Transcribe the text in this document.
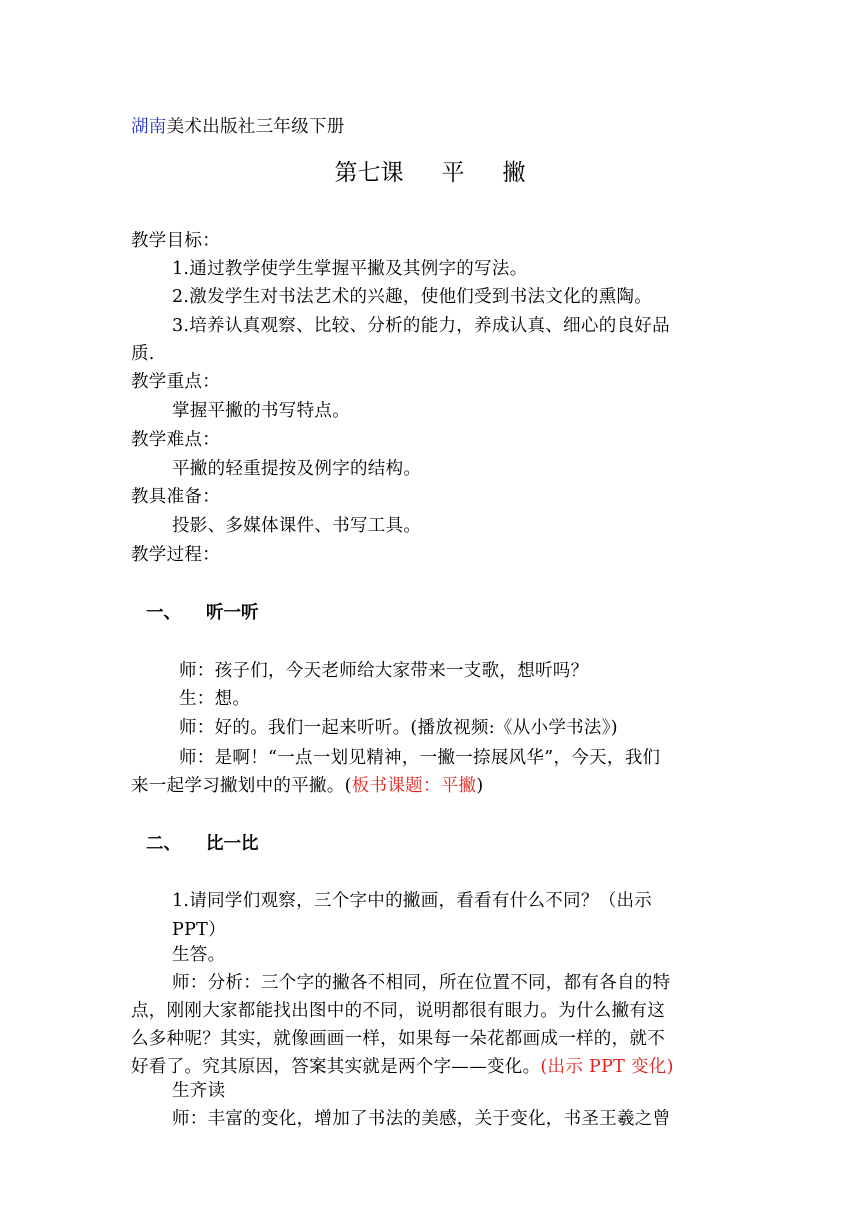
湖南美术出版社三年级下册
第七课 平 撇
教学目标：
1.通过教学使学生掌握平撇及其例字的写法。
2.激发学生对书法艺术的兴趣，使他们受到书法文化的熏陶。
3.培养认真观察、比较、分析的能力，养成认真、细心的良好品
质.
教学重点：
掌握平撇的书写特点。
教学难点：
平撇的轻重提按及例字的结构。
教具准备：
投影、多媒体课件、书写工具。
教学过程：
一、 听一听
师：孩子们，今天老师给大家带来一支歌，想听吗？
生：想。
师：好的。我们一起来听听。(播放视频:《从小学书法》)
师：是啊！“一点一划见精神，一撇一捺展风华”，今天，我们
来一起学习撇划中的平撇。(板书课题：平撇)
二、 比一比
1.请同学们观察，三个字中的撇画，看看有什么不同？（出示
PPT）
生答。
师：分析：三个字的撇各不相同，所在位置不同，都有各自的特
点，刚刚大家都能找出图中的不同，说明都很有眼力。为什么撇有这
么多种呢？其实，就像画画一样，如果每一朵花都画成一样的，就不
好看了。究其原因，答案其实就是两个字——变化。(出示 PPT 变化)
生齐读
师：丰富的变化，增加了书法的美感，关于变化，书圣王羲之曾
